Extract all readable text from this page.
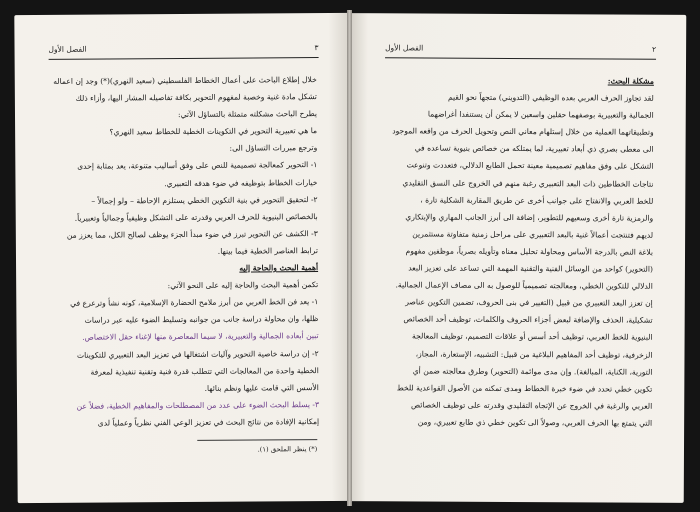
الفصل الأول	٣

خلال إطلاع الباحث على أعمال الخطاط الفلسطيني (سعيد النهري)(*) وجد إن اعماله

تشكل مادة غنية وخصبة لمفهوم التحوير بكافة تفاصيله المشار اليها، وأزاء ذلك

يطرح الباحث مشكلته متمثلة بالتساؤل الآتي:

ما هي تعبيرية التحوير في التكوينات الخطية للخطاط سعيد النهري؟

وترجع مبررات التساؤل الى:

١- التحوير كمعالجة تصميمية للنص على وفق أساليب متنوعة، يعد بمثابة إحدى

خيارات الخطاط بتوظيفه في ضوء هدفه التعبيري.

٢- لتحقيق التحوير في بنية التكوين الخطي يستلزم الإحاطة – ولو إجمالاً –

بالخصائص البنيوية للحرف العربي وقدرته على التشكل وظيفياً وجمالياً وتعبيرياً.

٣- الكشف عن التحوير تبرز في ضوء مبدأ الجزء يوظف لصالح الكل، مما يعزز من

ترابط العناصر الخطية فيما بينها.

أهمية البحث والحاجة إليه

تكمن أهمية البحث والحاجة إليه على النحو الآتي:

١- يعد فن الخط العربي من أبرز ملامح الحضارة الإسلامية، كونه نشأ وترعرع في

ظلها، وان محاولة دراسة جانب من جوانبه وتسليط الضوء عليه عبر دراسات

تبين أبعاده الجمالية والتعبيرية، لا سيما المعاصرة منها لإغناء حقل الاختصاص.

٢- إن دراسة خاصية التحوير وآليات اشتغالها في تعزيز البعد التعبيري للتكوينات

الخطية واحدة من المعالجات التي تتطلب قدرة فنية وتقنية تنفيذية لمعرفة

الأسس التي قامت عليها ونظم بنائها.

٣- يسلط البحث الضوء على عدد من المصطلحات والمفاهيم الخطية، فضلاً عن

إمكانية الإفادة من نتائج البحث في تعزيز الوعي الفني نظرياً وعملياً لدى

(*) ينظر الملحق (١).
الفصل الأول	٢

مشكلة البحث:

لقد تجاوز الحرف العربي بعده الوظيفي (التدويني) متجهاً نحو القيم

الجمالية والتعبيرية بوصفهما حقلين واسعين لا يمكن أن يستنفدا أغراضهما

وتطبيقاتهما العملية من خلال إستلهام معاني النص وتحويل الحرف من واقعه الموجود

الى معطى بصري ذي أبعاد تعبيرية، لما يمتلكه من خصائص بنيوية تساعده في

التشكل على وفق مفاهيم تصميمية معينة تحمل الطابع الدلالي، فتعددت وتنوعت

نتاجات الخطاطين ذات البعد التعبيري رغبة منهم في الخروج على النسق التقليدي

للخط العربي والانفتاح على جوانب أخرى عن طريق المقاربة الشكلية تارة ،

والرمزية تارة أخرى وسعيهم للتطوير، إضافة الى أبرز الجانب المهاري والإبتكاري

لديهم فتنتجت أعمالاً غنية بالبعد التعبيري على مراحل زمنية متفاوتة مستثمرين

بلاغة النص بالدرجة الأساس ومحاولة تحليل معناه وتأويله بصرياً، موظفين مفهوم

(التحوير) كواحد من الوسائل الفنية والتقنية المهمة التي تساعد على تعزيز البعد

الدلالي للتكوين الخطي، ومعالجته تصميمياً للوصول به الى مصاف الإعمال الجمالية.

إن تعزز البعد التعبيري من قبيل (التغيير في بنى الحروف، تضمين التكوين عناصر

تشكيلية، الحذف والإضافة لبعض أجزاء الحروف والكلمات، توظيف أحد الخصائص

البنيوية للخط العربي، توظيف أحد أسس أو علاقات التصميم، توظيف المعالجة

الزخرفية، توظيف أحد المفاهيم البلاغية من قبيل: التشبيه، الإستعارة، المجاز،

التورية، الكناية، المبالغة). وإن مدى موائمة (التحوير) وطرق معالجته ضمن أي

تكوين خطي تحدد في ضوء خبرة الخطاط ومدى تمكنه من الأصول القواعدية للخط

العربي والرغبة في الخروج عن الإتجاه التقليدي وقدرته على توظيف الخصائص

التي يتمتع بها الحرف العربي، وصولاً الى تكوين خطي ذي طابع تعبيري، ومن
